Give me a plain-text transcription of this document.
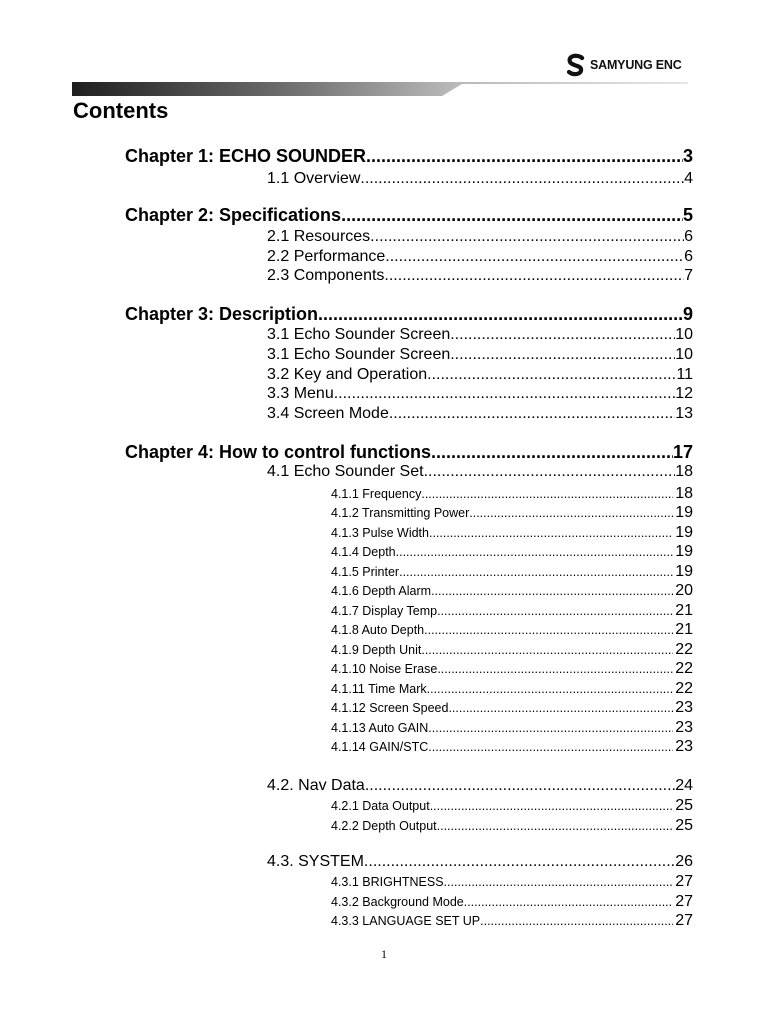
SAMYUNG ENC
Contents
Chapter 1: ECHO SOUNDER .....	3
1.1 Overview .....	4
Chapter 2: Specifications .....	5
2.1 Resources .....	6
2.2 Performance .....	6
2.3 Components .....	7
Chapter 3: Description .....	9
3.1 Echo Sounder Screen .....	10
3.1 Echo Sounder Screen .....	10
3.2 Key and Operation .....	11
3.3 Menu .....	12
3.4 Screen Mode .....	13
Chapter 4: How to control functions .....	17
4.1 Echo Sounder Set .....	18
4.1.1 Frequency .....	18
4.1.2 Transmitting Power .....	19
4.1.3 Pulse Width .....	19
4.1.4 Depth .....	19
4.1.5 Printer .....	19
4.1.6 Depth Alarm .....	20
4.1.7 Display Temp. .....	21
4.1.8 Auto Depth .....	21
4.1.9 Depth Unit .....	22
4.1.10 Noise Erase .....	22
4.1.11 Time Mark .....	22
4.1.12 Screen Speed .....	23
4.1.13 Auto GAIN .....	23
4.1.14 GAIN/STC .....	23
4.2. Nav Data .....	24
4.2.1 Data Output .....	25
4.2.2 Depth Output .....	25
4.3. SYSTEM .....	26
4.3.1 BRIGHTNESS .....	27
4.3.2 Background Mode .....	27
4.3.3 LANGUAGE SET UP .....	27
1
